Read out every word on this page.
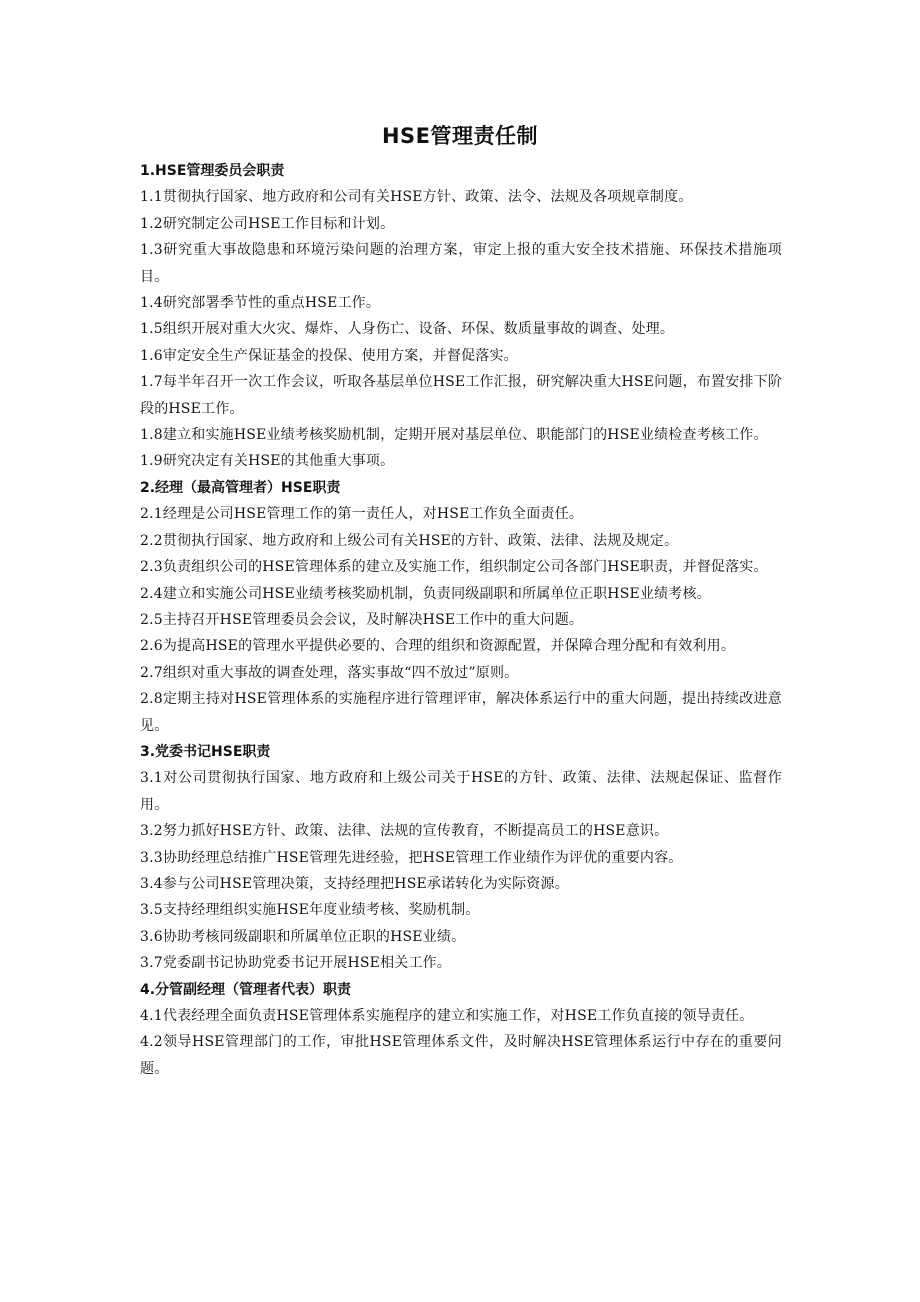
HSE管理责任制
1.HSE管理委员会职责

1.1贯彻执行国家、地方政府和公司有关HSE方针、政策、法令、法规及各项规章制度。

1.2研究制定公司HSE工作目标和计划。

1.3研究重大事故隐患和环境污染问题的治理方案，审定上报的重大安全技术措施、环保技术措施项目。

1.4研究部署季节性的重点HSE工作。

1.5组织开展对重大火灾、爆炸、人身伤亡、设备、环保、数质量事故的调查、处理。

1.6审定安全生产保证基金的投保、使用方案，并督促落实。

1.7每半年召开一次工作会议，听取各基层单位HSE工作汇报，研究解决重大HSE问题，布置安排下阶段的HSE工作。

1.8建立和实施HSE业绩考核奖励机制，定期开展对基层单位、职能部门的HSE业绩检查考核工作。

1.9研究决定有关HSE的其他重大事项。

2.经理（最高管理者）HSE职责

2.1经理是公司HSE管理工作的第一责任人，对HSE工作负全面责任。

2.2贯彻执行国家、地方政府和上级公司有关HSE的方针、政策、法律、法规及规定。

2.3负责组织公司的HSE管理体系的建立及实施工作，组织制定公司各部门HSE职责，并督促落实。

2.4建立和实施公司HSE业绩考核奖励机制，负责同级副职和所属单位正职HSE业绩考核。

2.5主持召开HSE管理委员会会议，及时解决HSE工作中的重大问题。

2.6为提高HSE的管理水平提供必要的、合理的组织和资源配置，并保障合理分配和有效利用。

2.7组织对重大事故的调查处理，落实事故“四不放过”原则。

2.8定期主持对HSE管理体系的实施程序进行管理评审，解决体系运行中的重大问题，提出持续改进意见。

3.党委书记HSE职责

3.1对公司贯彻执行国家、地方政府和上级公司关于HSE的方针、政策、法律、法规起保证、监督作用。

3.2努力抓好HSE方针、政策、法律、法规的宣传教育，不断提高员工的HSE意识。

3.3协助经理总结推广HSE管理先进经验，把HSE管理工作业绩作为评优的重要内容。

3.4参与公司HSE管理决策，支持经理把HSE承诺转化为实际资源。

3.5支持经理组织实施HSE年度业绩考核、奖励机制。

3.6协助考核同级副职和所属单位正职的HSE业绩。

3.7党委副书记协助党委书记开展HSE相关工作。

4.分管副经理（管理者代表）职责

4.1代表经理全面负责HSE管理体系实施程序的建立和实施工作，对HSE工作负直接的领导责任。

4.2领导HSE管理部门的工作，审批HSE管理体系文件，及时解决HSE管理体系运行中存在的重要问题。
